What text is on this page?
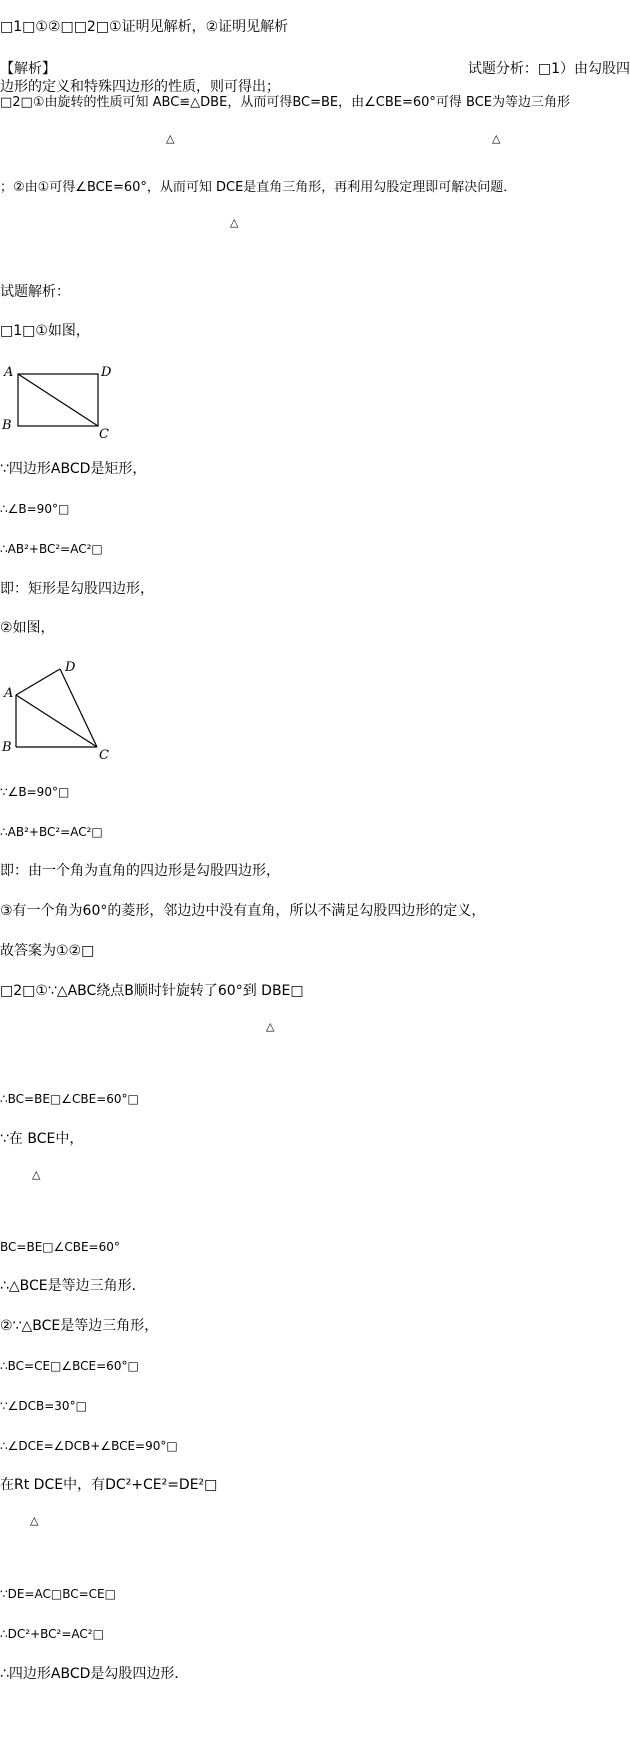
□1□①②□□2□①证明见解析，②证明见解析
【解析】	试题分析：□1）由勾股四
边形的定义和特殊四边形的性质，则可得出；
□2□①由旋转的性质可知 ABC≌△DBE，从而可得BC=BE，由∠CBE=60°可得 BCE为等边三角形
△	△
；②由①可得∠BCE=60°，从而可知 DCE是直角三角形，再利用勾股定理即可解决问题．
△
试题解析：
□1□①如图，
A	D
B
C
∵四边形ABCD是矩形，
∴∠B=90°□
∴AB²+BC²=AC²□
即：矩形是勾股四边形，
②如图，
D
A
B
C
∵∠B=90°□
∴AB²+BC²=AC²□
即：由一个角为直角的四边形是勾股四边形，
③有一个角为60°的菱形，邻边边中没有直角，所以不满足勾股四边形的定义，
故答案为①②□
□2□①∵△ABC绕点B顺时针旋转了60°到 DBE□
△
∴BC=BE□∠CBE=60°□
∵在 BCE中，
△
BC=BE□∠CBE=60°
∴△BCE是等边三角形．
②∵△BCE是等边三角形，
∴BC=CE□∠BCE=60°□
∵∠DCB=30°□
∴∠DCE=∠DCB+∠BCE=90°□
在Rt DCE中，有DC²+CE²=DE²□
△
∵DE=AC□BC=CE□
∴DC²+BC²=AC²□
∴四边形ABCD是勾股四边形．
